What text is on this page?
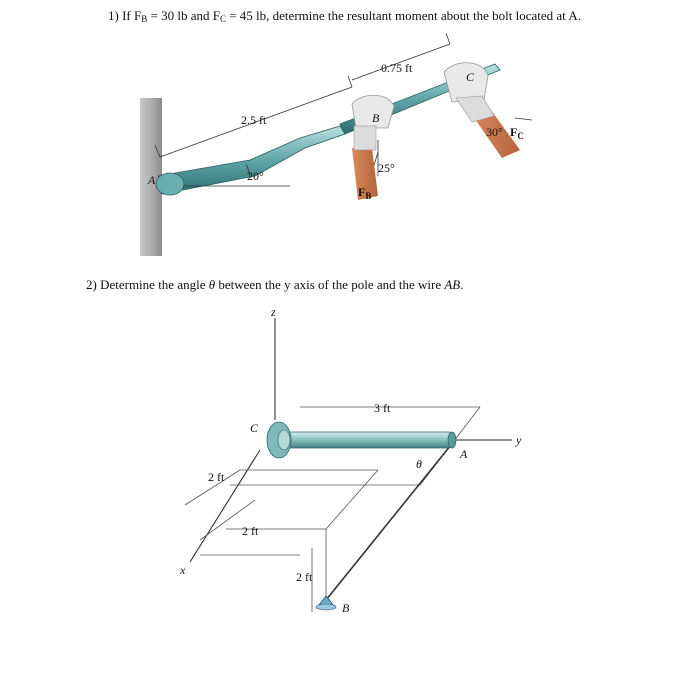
1) If FB = 30 lb and FC = 45 lb, determine the resultant moment about the bolt located at A.
2) Determine the angle θ between the y axis of the pole and the wire AB.
2.5 ft
0.75 ft
20°
A
B
C
25°
30°
$F_B$
$F_C$
z
y
x
3 ft
2 ft
2 ft
2 ft
A
B
C
θ
